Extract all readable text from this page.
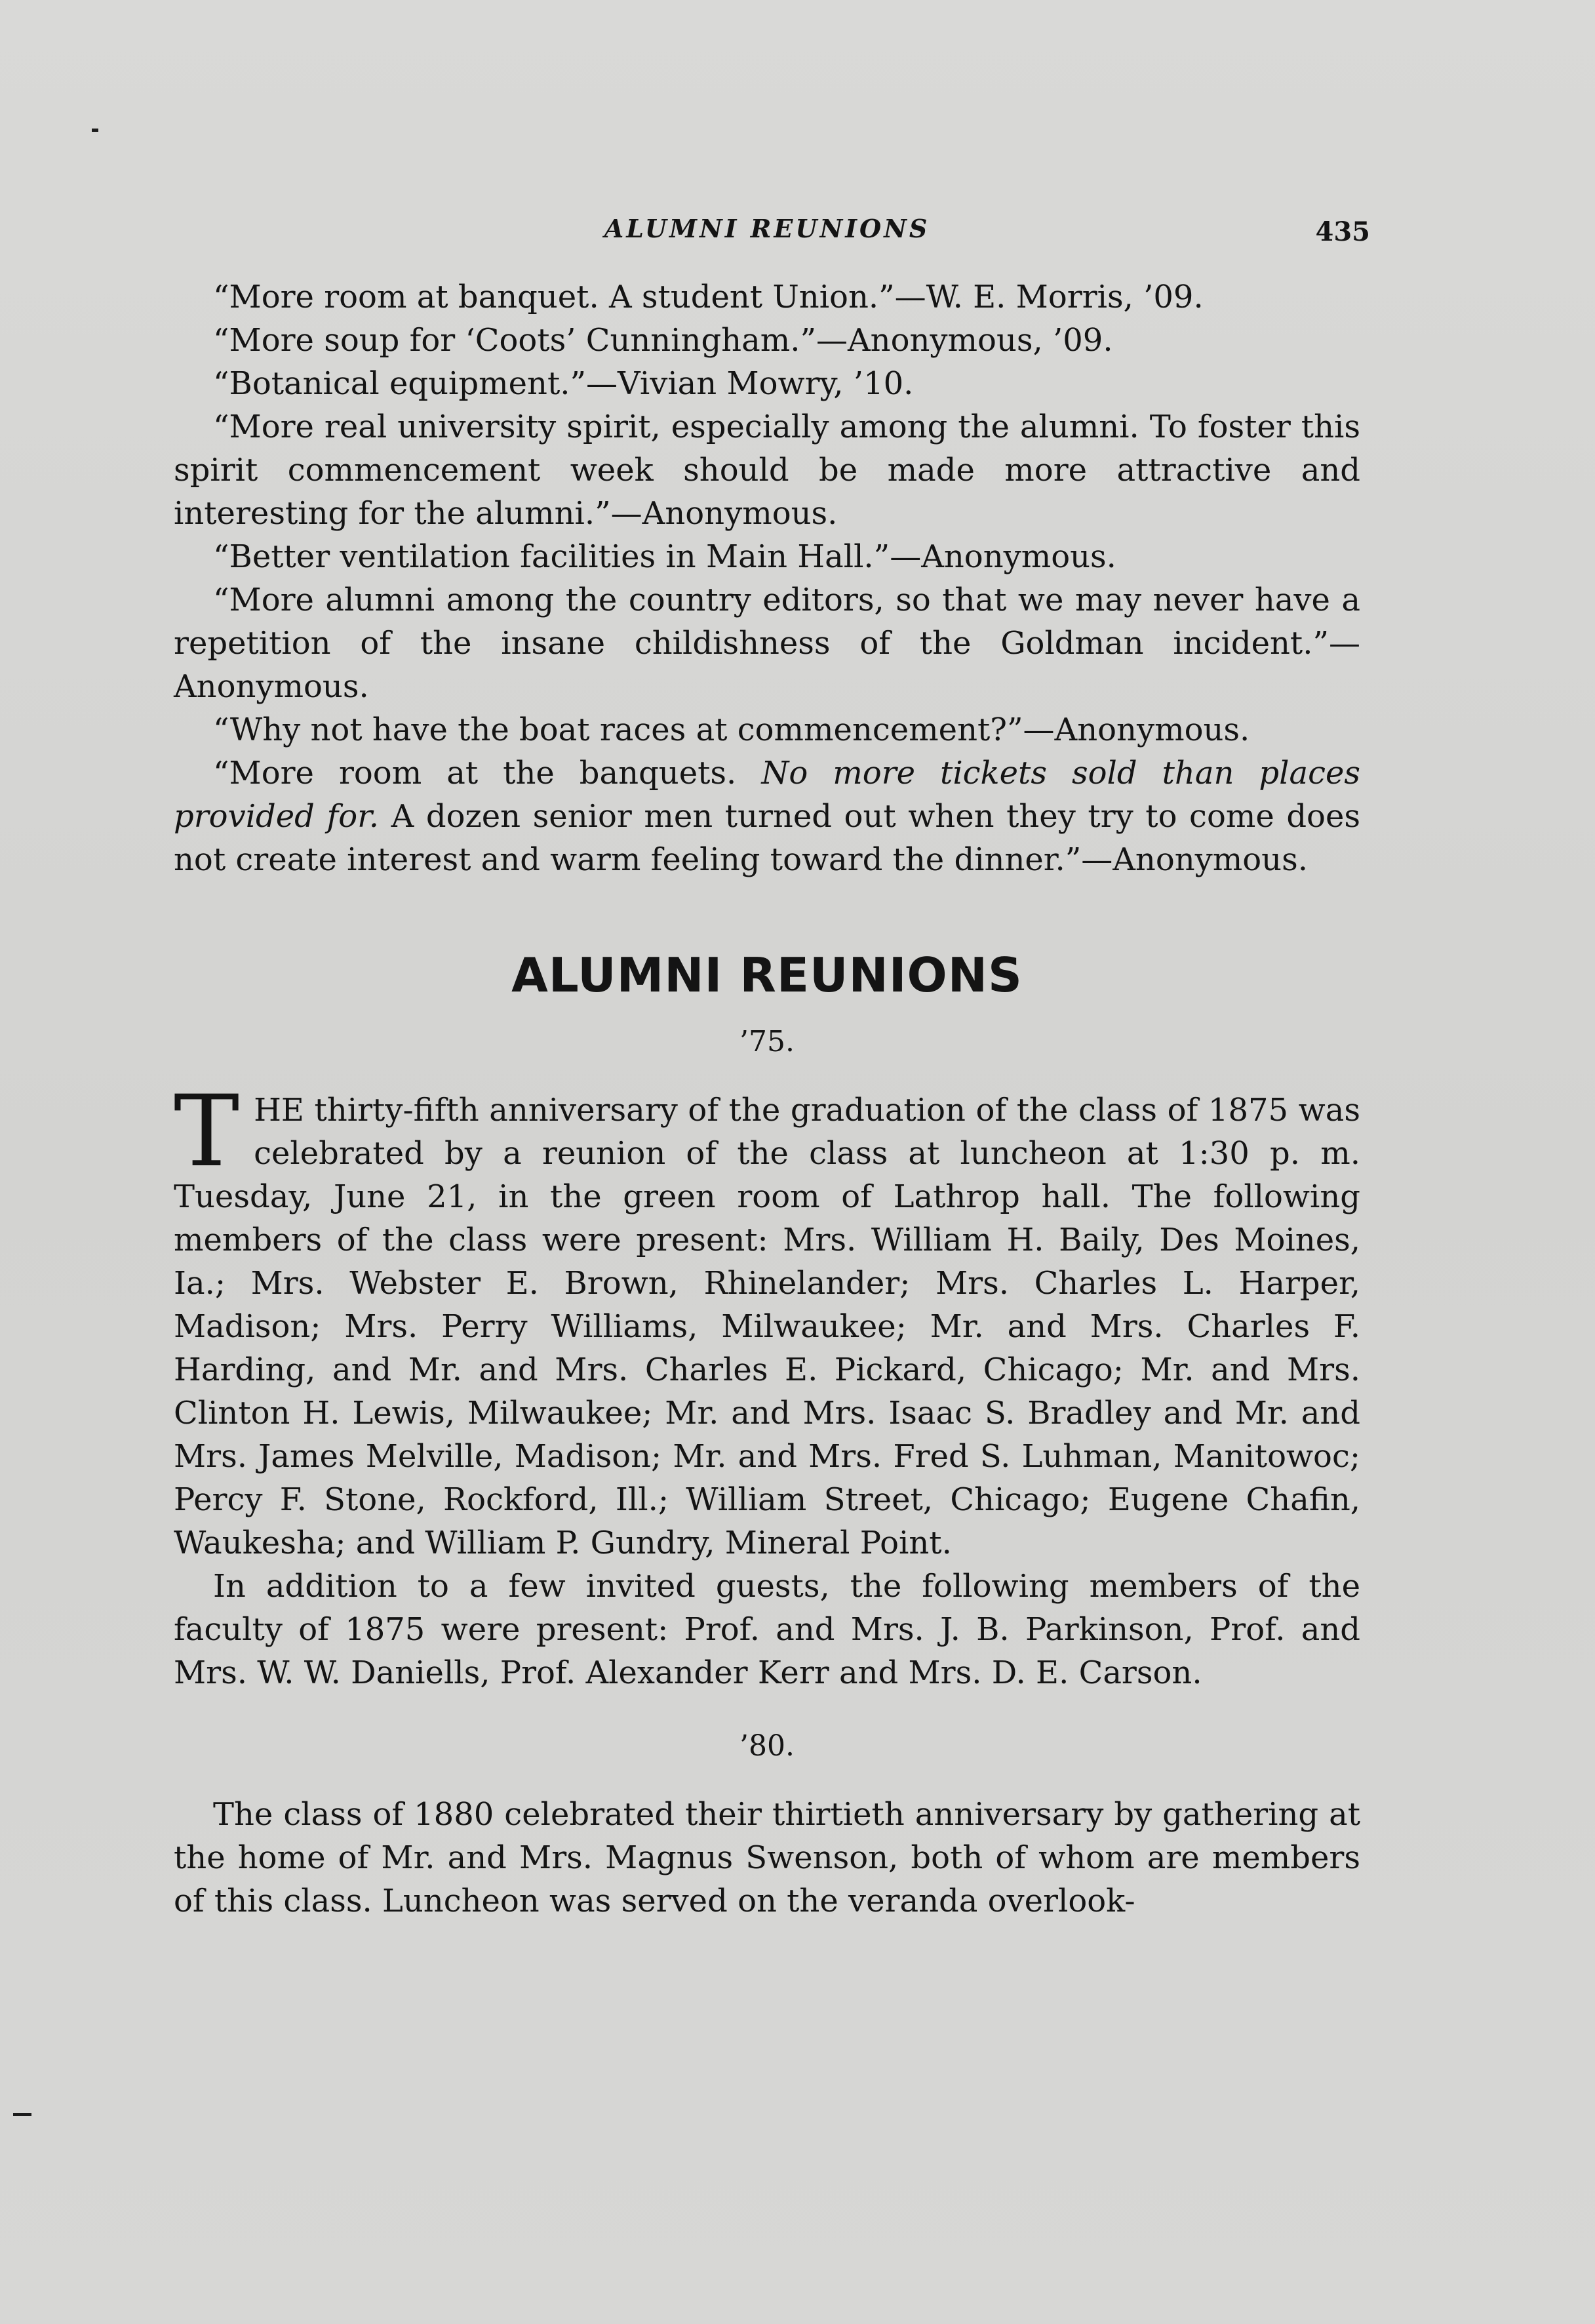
ALUMNI REUNIONS	435

“More room at banquet. A student Union.”—W. E. Morris, ’09.

“More soup for ‘Coots’ Cunningham.”—Anonymous, ’09.

“Botanical equipment.”—Vivian Mowry, ’10.

“More real university spirit, especially among the alumni. To foster this spirit commencement week should be made more attractive and interesting for the alumni.”—Anonymous.

“Better ventilation facilities in Main Hall.”—Anonymous.

“More alumni among the country editors, so that we may never have a repetition of the insane childishness of the Goldman incident.”—Anonymous.

“Why not have the boat races at commencement?”—Anonymous.

“More room at the banquets. No more tickets sold than places provided for. A dozen senior men turned out when they try to come does not create interest and warm feeling toward the dinner.”—Anonymous.

ALUMNI REUNIONS
’75.

THE thirty-fifth anniversary of the graduation of the class of 1875 was celebrated by a reunion of the class at luncheon at 1:30 p. m. Tuesday, June 21, in the green room of Lathrop hall. The following members of the class were present: Mrs. William H. Baily, Des Moines, Ia.; Mrs. Webster E. Brown, Rhinelander; Mrs. Charles L. Harper, Madison; Mrs. Perry Williams, Milwaukee; Mr. and Mrs. Charles F. Harding, and Mr. and Mrs. Charles E. Pickard, Chicago; Mr. and Mrs. Clinton H. Lewis, Milwaukee; Mr. and Mrs. Isaac S. Bradley and Mr. and Mrs. James Melville, Madison; Mr. and Mrs. Fred S. Luhman, Manitowoc; Percy F. Stone, Rockford, Ill.; William Street, Chicago; Eugene Chafin, Waukesha; and William P. Gundry, Mineral Point.

In addition to a few invited guests, the following members of the faculty of 1875 were present: Prof. and Mrs. J. B. Parkinson, Prof. and Mrs. W. W. Daniells, Prof. Alexander Kerr and Mrs. D. E. Carson.

’80.

The class of 1880 celebrated their thirtieth anniversary by gathering at the home of Mr. and Mrs. Magnus Swenson, both of whom are members of this class. Luncheon was served on the veranda overlook-
